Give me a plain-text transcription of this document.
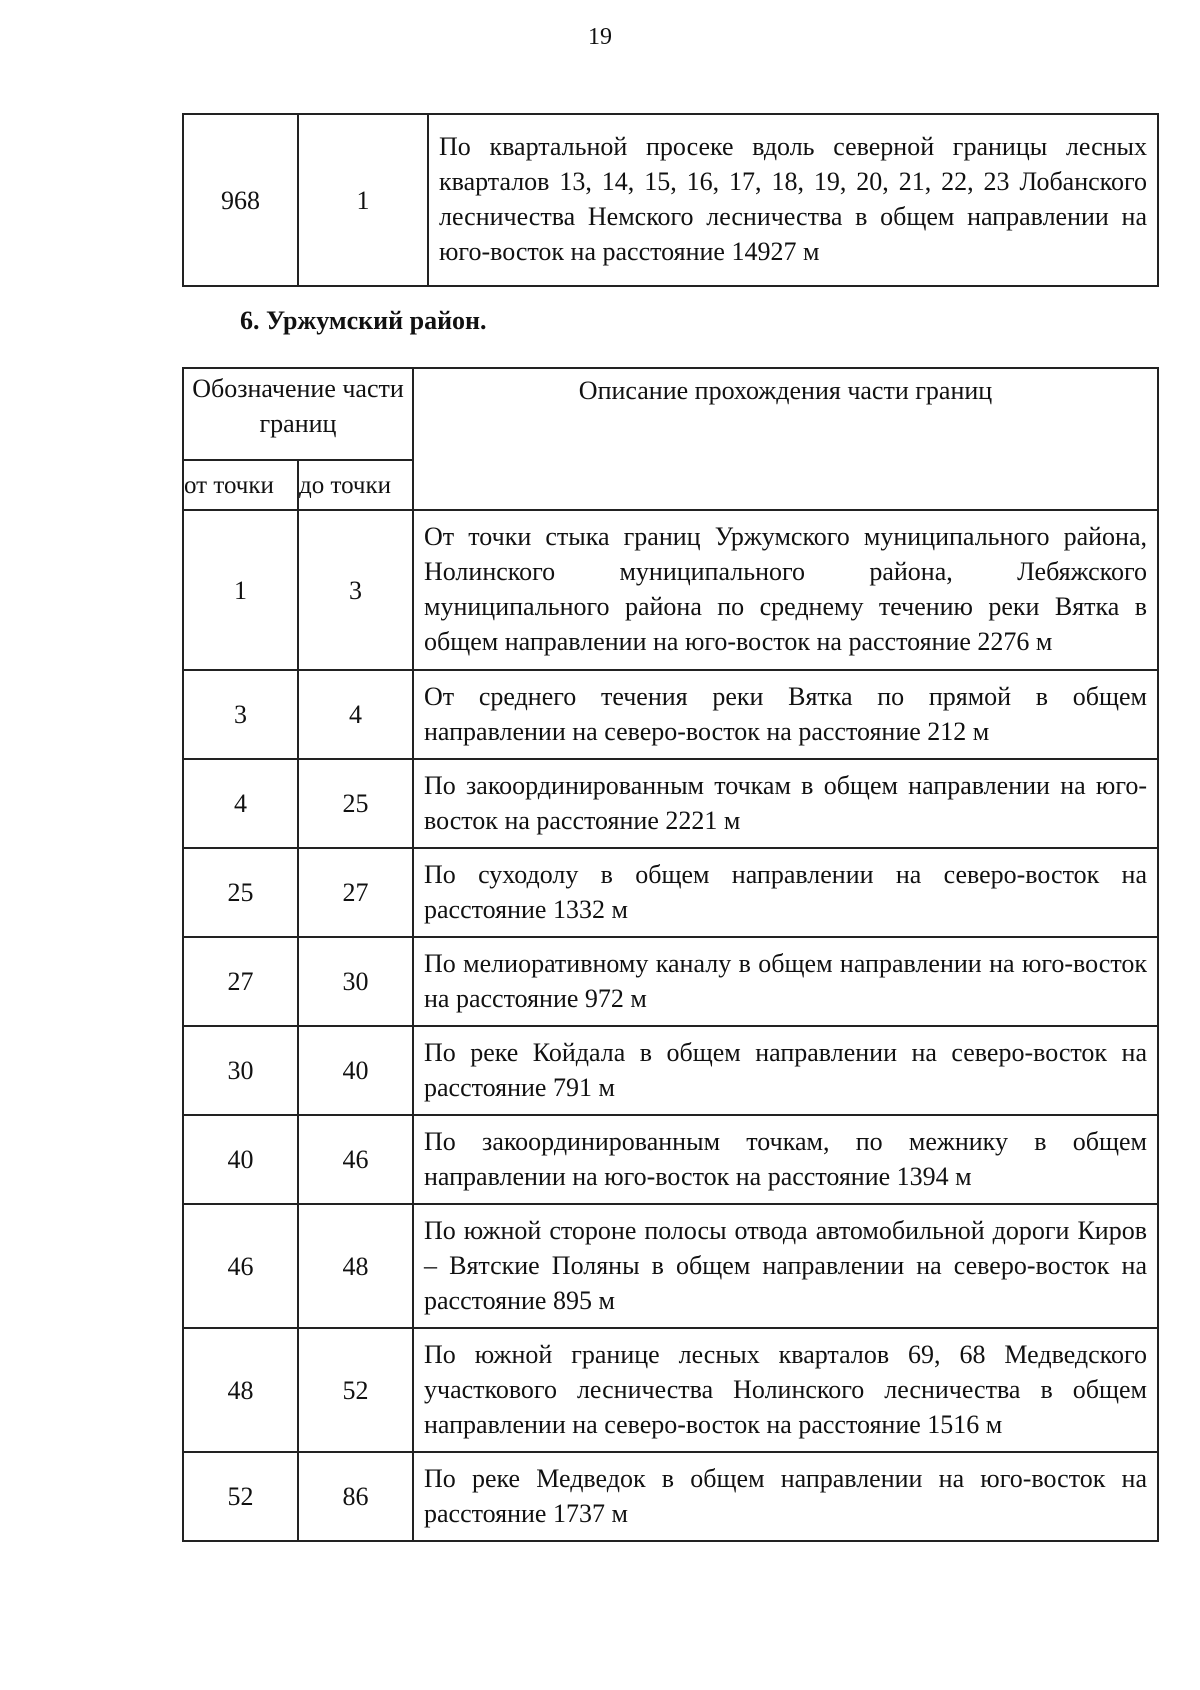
19
968	1	По квартальной просеке вдоль северной границы лесных кварталов 13, 14, 15, 16, 17, 18, 19, 20, 21, 22, 23 Лобанского лесничества Немского лесничества в общем направлении на юго-восток на расстояние 14927 м
6. Уржумский район.
Обозначение части границ		Описание прохождения части границ
от точки	до точки	
1	3	От точки стыка границ Уржумского муниципального района, Нолинского муниципального района, Лебяжского муниципального района по среднему течению реки Вятка в общем направлении на юго-восток на расстояние 2276 м
3	4	От среднего течения реки Вятка по прямой в общем направлении на северо-восток на расстояние 212 м
4	25	По закоординированным точкам в общем направлении на юго-восток на расстояние 2221 м
25	27	По суходолу в общем направлении на северо-восток на расстояние 1332 м
27	30	По мелиоративному каналу в общем направлении на юго-восток на расстояние 972 м
30	40	По реке Койдала в общем направлении на северо-восток на расстояние 791 м
40	46	По закоординированным точкам, по межнику в общем направлении на юго-восток на расстояние 1394 м
46	48	По южной стороне полосы отвода автомобильной дороги Киров – Вятские Поляны в общем направлении на северо-восток на расстояние 895 м
48	52	По южной границе лесных кварталов 69, 68 Медведского участкового лесничества Нолинского лесничества в общем направлении на северо-восток на расстояние 1516 м
52	86	По реке Медведок в общем направлении на юго-восток на расстояние 1737 м
